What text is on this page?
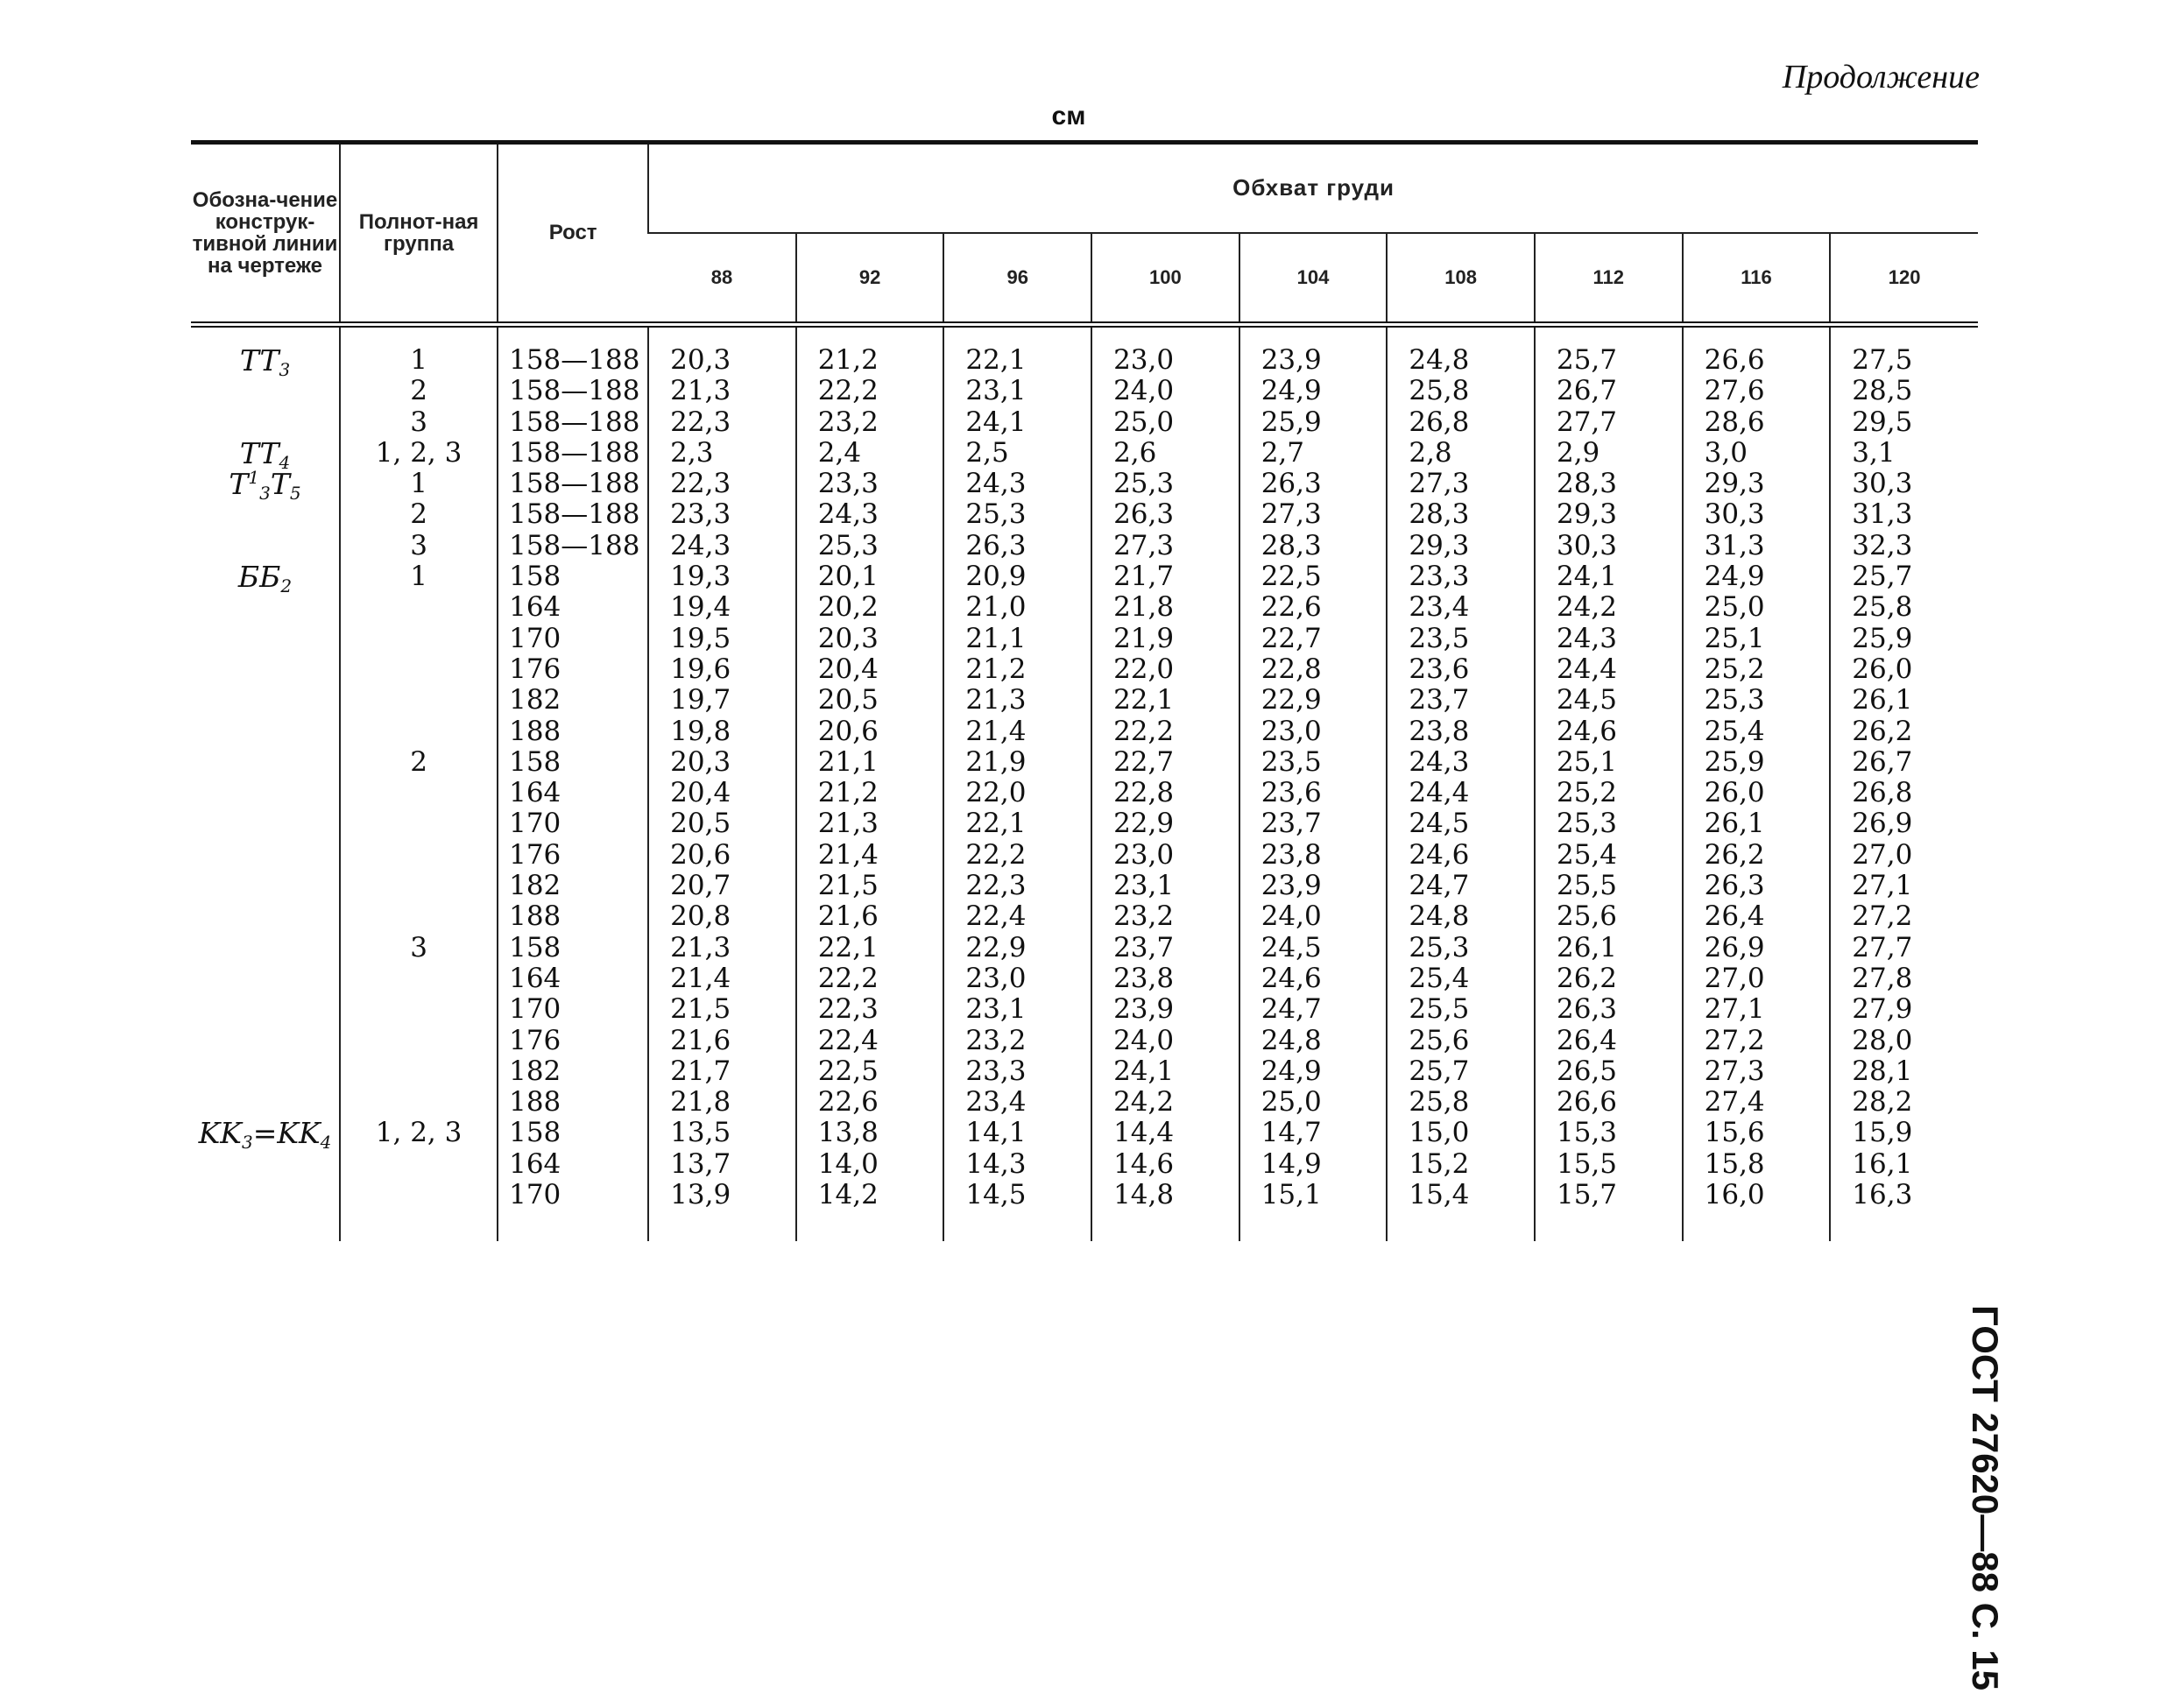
Продолжение
см
ГОСТ 27620—88 С. 15
Обозна-чение конструк-тивной линии на чертеже	Полнот-ная группа	Рост	Обхват груди								
			88	92	96	100	104	108	112	116	120
$TT_3$	1	158—188	20,3	21,2	22,1	23,0	23,9	24,8	25,7	26,6	27,5
	2	158—188	21,3	22,2	23,1	24,0	24,9	25,8	26,7	27,6	28,5
	3	158—188	22,3	23,2	24,1	25,0	25,9	26,8	27,7	28,6	29,5
$TT_4$	1, 2, 3	158—188	2,3	2,4	2,5	2,6	2,7	2,8	2,9	3,0	3,1
$T^1_3T_5$	1	158—188	22,3	23,3	24,3	25,3	26,3	27,3	28,3	29,3	30,3
	2	158—188	23,3	24,3	25,3	26,3	27,3	28,3	29,3	30,3	31,3
	3	158—188	24,3	25,3	26,3	27,3	28,3	29,3	30,3	31,3	32,3
$ББ_2$	1	158	19,3	20,1	20,9	21,7	22,5	23,3	24,1	24,9	25,7
		164	19,4	20,2	21,0	21,8	22,6	23,4	24,2	25,0	25,8
		170	19,5	20,3	21,1	21,9	22,7	23,5	24,3	25,1	25,9
		176	19,6	20,4	21,2	22,0	22,8	23,6	24,4	25,2	26,0
		182	19,7	20,5	21,3	22,1	22,9	23,7	24,5	25,3	26,1
		188	19,8	20,6	21,4	22,2	23,0	23,8	24,6	25,4	26,2
	2	158	20,3	21,1	21,9	22,7	23,5	24,3	25,1	25,9	26,7
		164	20,4	21,2	22,0	22,8	23,6	24,4	25,2	26,0	26,8
		170	20,5	21,3	22,1	22,9	23,7	24,5	25,3	26,1	26,9
		176	20,6	21,4	22,2	23,0	23,8	24,6	25,4	26,2	27,0
		182	20,7	21,5	22,3	23,1	23,9	24,7	25,5	26,3	27,1
		188	20,8	21,6	22,4	23,2	24,0	24,8	25,6	26,4	27,2
	3	158	21,3	22,1	22,9	23,7	24,5	25,3	26,1	26,9	27,7
		164	21,4	22,2	23,0	23,8	24,6	25,4	26,2	27,0	27,8
		170	21,5	22,3	23,1	23,9	24,7	25,5	26,3	27,1	27,9
		176	21,6	22,4	23,2	24,0	24,8	25,6	26,4	27,2	28,0
		182	21,7	22,5	23,3	24,1	24,9	25,7	26,5	27,3	28,1
		188	21,8	22,6	23,4	24,2	25,0	25,8	26,6	27,4	28,2
$KK_3=KK_4$	1, 2, 3	158	13,5	13,8	14,1	14,4	14,7	15,0	15,3	15,6	15,9
		164	13,7	14,0	14,3	14,6	14,9	15,2	15,5	15,8	16,1
		170	13,9	14,2	14,5	14,8	15,1	15,4	15,7	16,0	16,3
